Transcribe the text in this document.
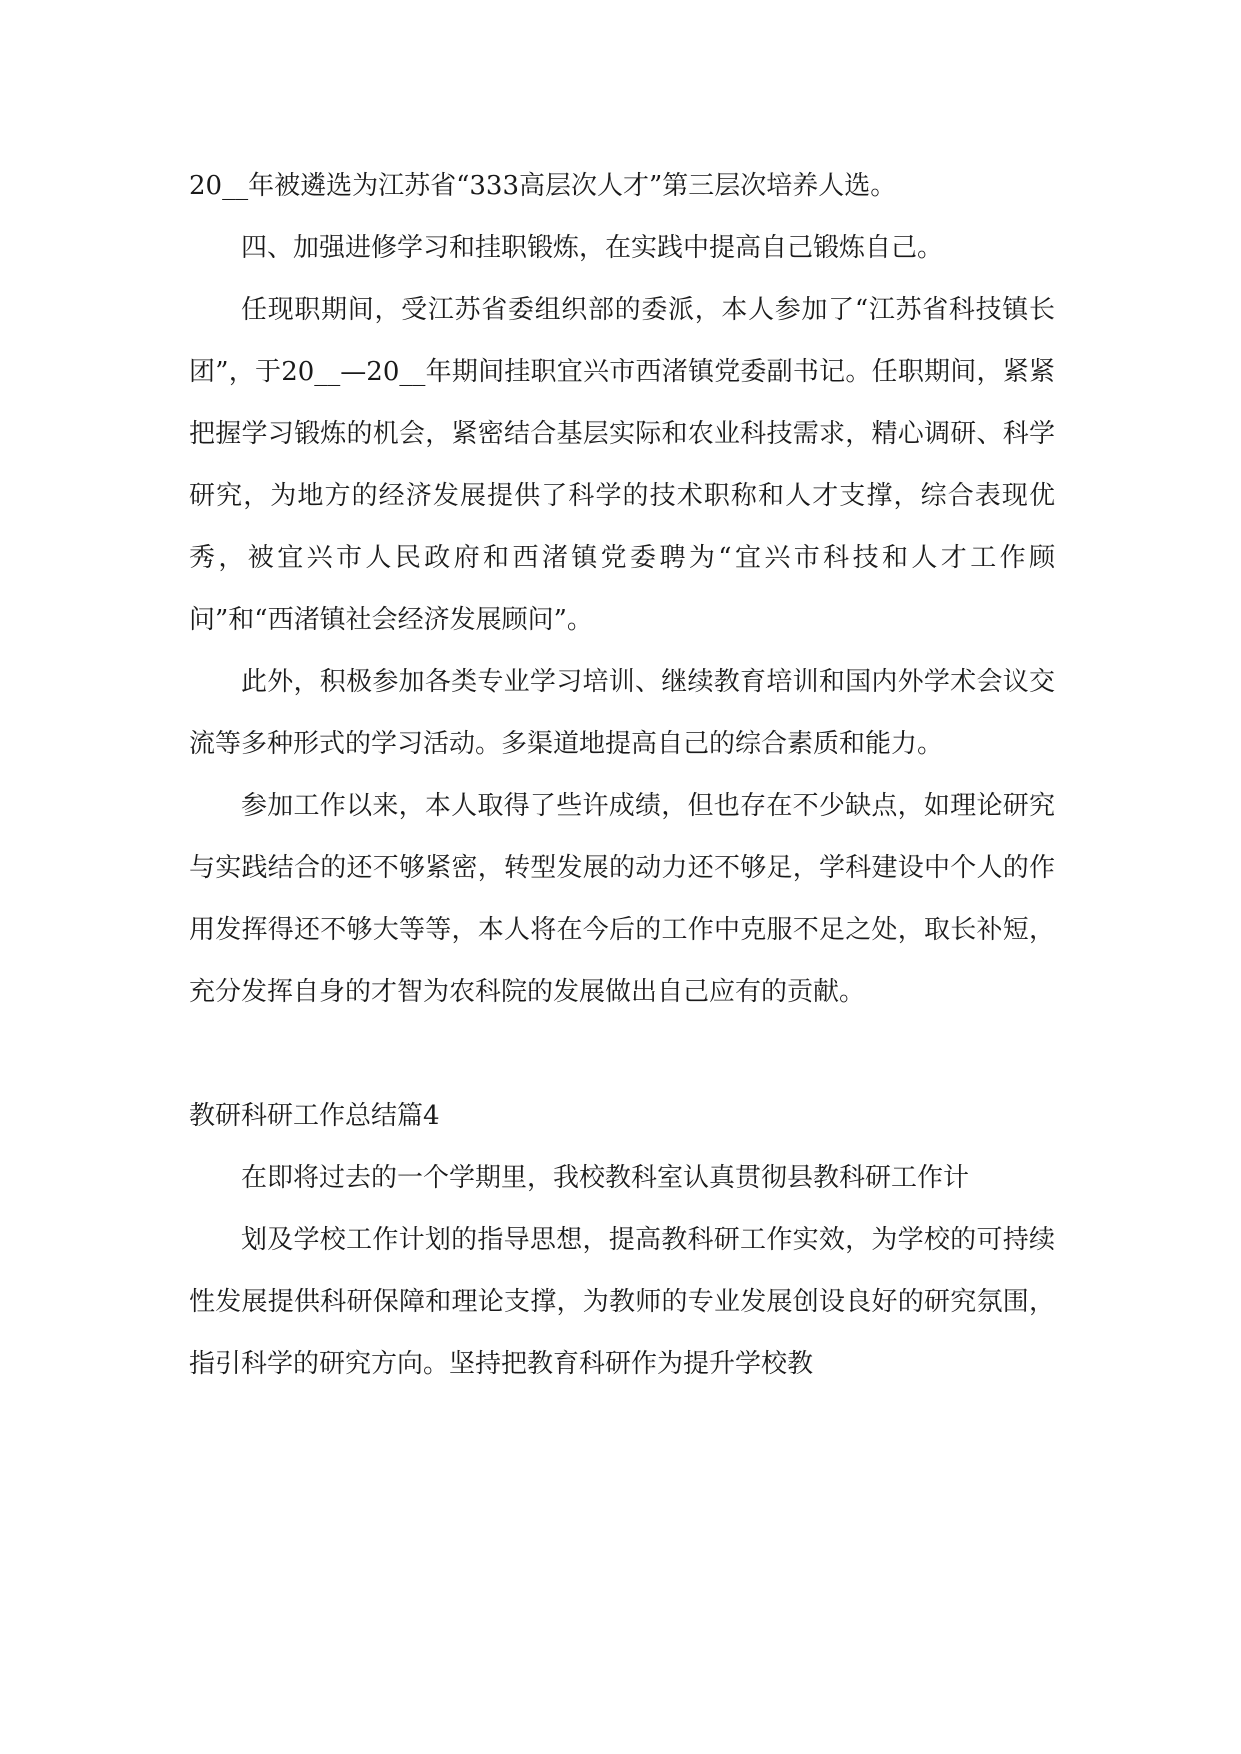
20__年被遴选为江苏省“333高层次人才”第三层次培养人选。

四、加强进修学习和挂职锻炼，在实践中提高自己锻炼自己。

任现职期间，受江苏省委组织部的委派，本人参加了“江苏省科技镇长团”，于20__—20__年期间挂职宜兴市西渚镇党委副书记。任职期间，紧紧把握学习锻炼的机会，紧密结合基层实际和农业科技需求，精心调研、科学研究，为地方的经济发展提供了科学的技术职称和人才支撑，综合表现优秀，被宜兴市人民政府和西渚镇党委聘为“宜兴市科技和人才工作顾问”和“西渚镇社会经济发展顾问”。

此外，积极参加各类专业学习培训、继续教育培训和国内外学术会议交流等多种形式的学习活动。多渠道地提高自己的综合素质和能力。

参加工作以来，本人取得了些许成绩，但也存在不少缺点，如理论研究与实践结合的还不够紧密，转型发展的动力还不够足，学科建设中个人的作用发挥得还不够大等等，本人将在今后的工作中克服不足之处，取长补短，充分发挥自身的才智为农科院的发展做出自己应有的贡献。

教研科研工作总结篇4

在即将过去的一个学期里，我校教科室认真贯彻县教科研工作计

划及学校工作计划的指导思想，提高教科研工作实效，为学校的可持续性发展提供科研保障和理论支撑，为教师的专业发展创设良好的研究氛围，指引科学的研究方向。坚持把教育科研作为提升学校教
